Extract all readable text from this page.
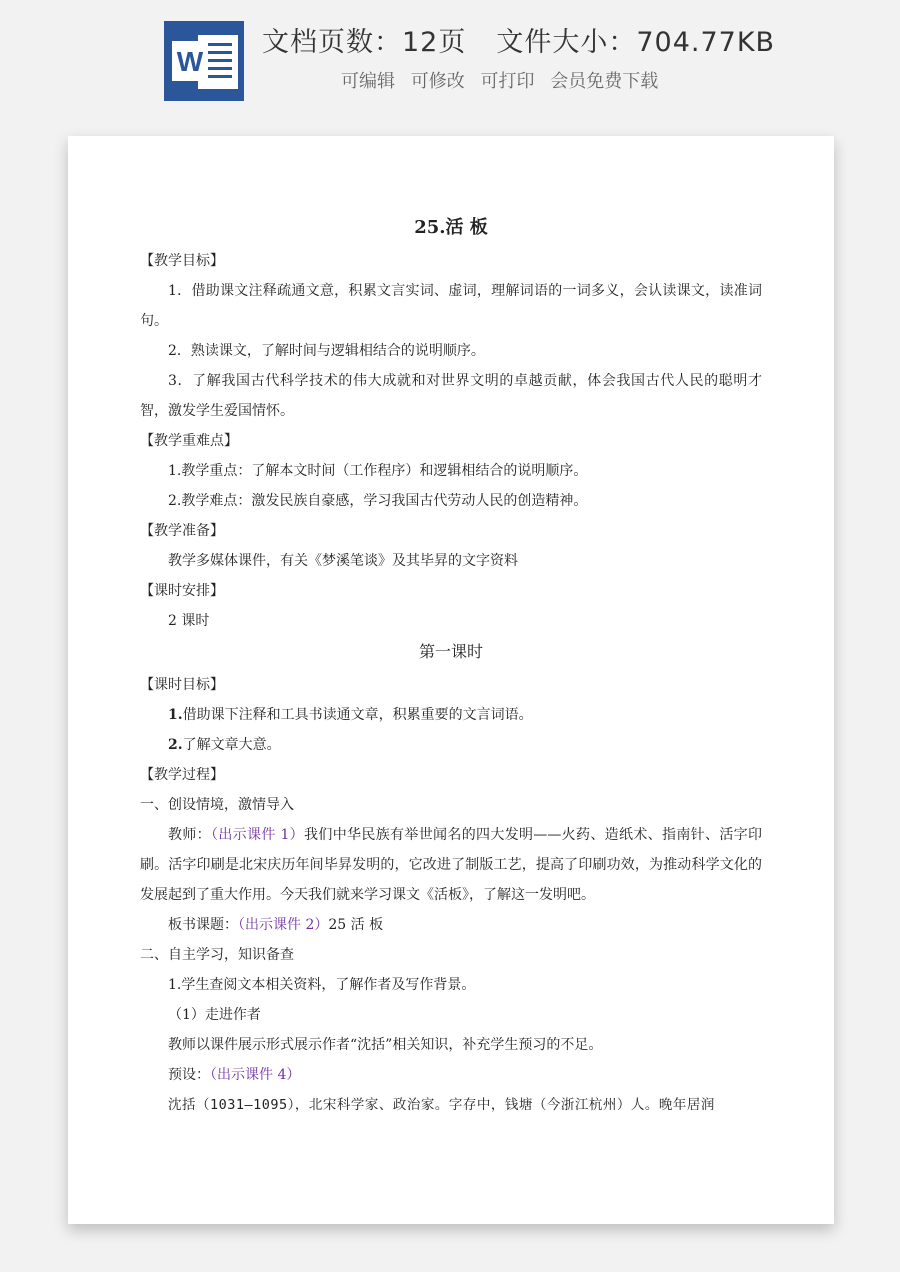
W
文档页数：12页 文件大小：704.77KB
可编辑 可修改 可打印 会员免费下载
25.活 板
【教学目标】
1．借助课文注释疏通文意，积累文言实词、虚词，理解词语的一词多义，会认读课文，读准词句。
2．熟读课文，了解时间与逻辑相结合的说明顺序。
3．了解我国古代科学技术的伟大成就和对世界文明的卓越贡献，体会我国古代人民的聪明才智，激发学生爱国情怀。
【教学重难点】
1.教学重点：了解本文时间（工作程序）和逻辑相结合的说明顺序。
2.教学难点：激发民族自豪感，学习我国古代劳动人民的创造精神。
【教学准备】
教学多媒体课件，有关《梦溪笔谈》及其毕昇的文字资料
【课时安排】
2 课时
第一课时
【课时目标】
1.借助课下注释和工具书读通文章，积累重要的文言词语。
2.了解文章大意。
【教学过程】
一、创设情境，激情导入
教师：（出示课件 1）我们中华民族有举世闻名的四大发明——火药、造纸术、指南针、活字印刷。活字印刷是北宋庆历年间毕昇发明的，它改进了制版工艺，提高了印刷功效，为推动科学文化的发展起到了重大作用。今天我们就来学习课文《活板》，了解这一发明吧。
板书课题：（出示课件 2）25 活 板
二、自主学习，知识备查
1.学生查阅文本相关资料，了解作者及写作背景。
（1）走进作者
教师以课件展示形式展示作者“沈括”相关知识，补充学生预习的不足。
预设：（出示课件 4）
沈括（1031—1095），北宋科学家、政治家。字存中，钱塘（今浙江杭州）人。晚年居润
